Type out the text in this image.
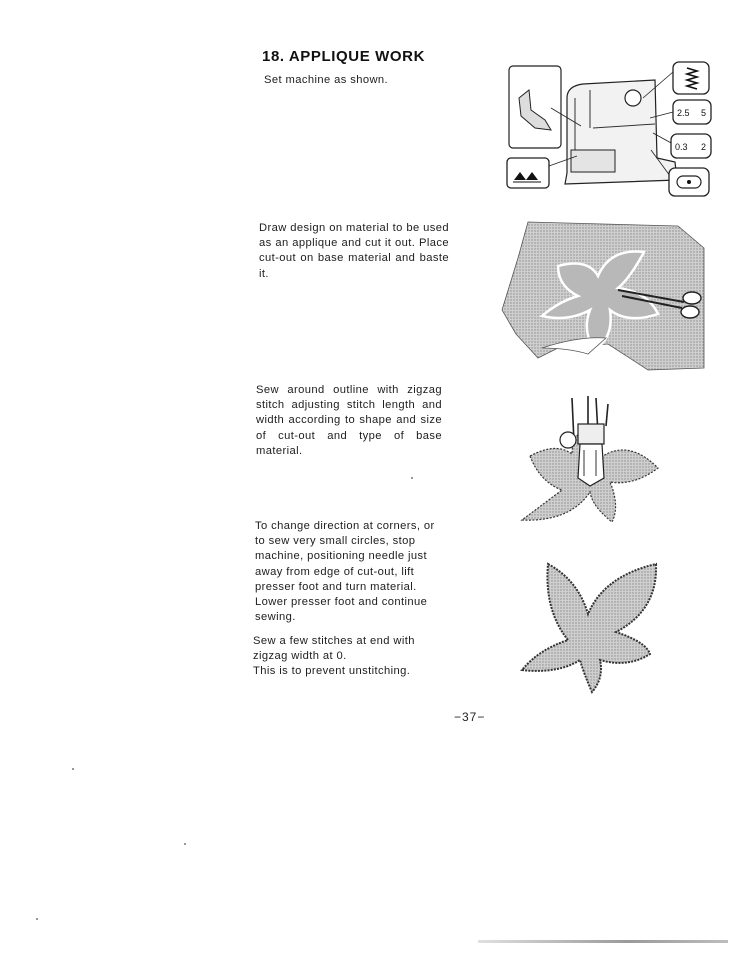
18. APPLIQUE WORK
Set machine as shown.
Draw design on material to be used as an applique and cut it out. Place cut-out on base material and baste it.
Sew around outline with zigzag stitch adjusting stitch length and width according to shape and size of cut-out and type of base material.
To change direction at corners, or to sew very small circles, stop machine, positioning needle just away from edge of cut-out, lift presser foot and turn material. Lower presser foot and continue sewing.
Sew a few stitches at end with zigzag width at 0.
This is to prevent unstitching.
2.5 5
0.3 2
−37−
